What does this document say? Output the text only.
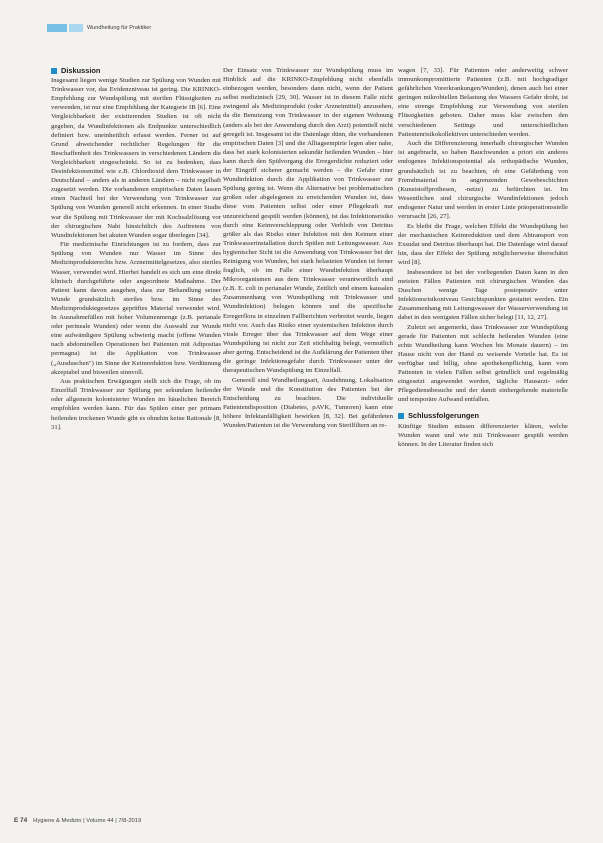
Wundheilung für Praktiker
Diskussion

Insgesamt liegen wenige Studien zur Spülung von Wunden mit Trinkwasser vor, das Evidenzniveau ist gering. Die KRINKO-Empfehlung zur Wundspülung mit sterilen Flüssigkeiten zu verwenden, ist nur eine Empfehlung der Kategorie IB [6]. Eine Vergleichbarkeit der existierenden Studien ist oft nicht gegeben, da Wundinfektionen als Endpunkte unterschiedlich definiert bzw. uneinheitlich erfasst werden. Ferner ist auf Grund abweichender rechtlicher Regelungen für die Beschaffenheit des Trinkwassers in verschiedenen Ländern die Vergleichbarkeit eingeschränkt. So ist zu bedenken, dass Desinfektionsmittel wie z.B. Chlordioxid dem Trinkwasser in Deutschland – anders als in anderen Ländern – nicht regelhaft zugesetzt werden. Die vorhandenen empirischen Daten lassen einen Nachteil bei der Verwendung von Trinkwasser zur Spülung von Wunden generell nicht erkennen. In einer Studie war die Spülung mit Trinkwasser der mit Kochsalzlösung vor der chirurgischen Naht hinsichtlich des Auftretens von Wundinfektionen bei akuten Wunden sogar überlegen [34].

Für medizinische Einrichtungen ist zu fordern, dass zur Spülung von Wunden nur Wasser im Sinne des Medizinprodukterechts bzw. Arzneimittelgesetzes, also steriles Wasser, verwendet wird. Hierbei handelt es sich um eine direkt klinisch durchgeführte oder angeordnete Maßnahme. Der Patient kann davon ausgehen, dass zur Behandlung seiner Wunde grundsätzlich steriles bzw. im Sinne des Medizinproduktegesetzes geprüftes Material verwendet wird. In Ausnahmefällen mit hoher Volumenmenge (z.B. perianale oder perineale Wunden) oder wenn die Auswahl zur Wunde eine aufwändigere Spülung schwierig macht (offene Wunden nach abdominellen Operationen bei Patienten mit Adipositas permagna) ist die Applikation von Trinkwasser („Ausduschen") im Sinne der Keimreduktion bzw. Verdünnung akzeptabel und bisweilen sinnvoll.

Aus praktischen Erwägungen stellt sich die Frage, ob im Einzelfall Trinkwasser zur Spülung per sekundam heilender oder allgemein kolonisierter Wunden im häuslichen Bereich empfohlen werden kann. Für das Spülen einer per primam heilenden trockenen Wunde gibt es ohnehin keine Rationale [8, 31].

Der Einsatz von Trinkwasser zur Wundspülung muss im Hinblick auf die KRINKO-Empfehlung nicht ebenfalls einbezogen werden, besonders dann nicht, wenn der Patient selbst medizinisch [29, 30]. Wasser ist in diesem Falle nicht zwingend als Medizinprodukt (oder Arzneimittel) anzusehen, da die Benutzung von Trinkwasser in der eigenen Wohnung (anders als bei der Anwendung durch den Arzt) potentiell nicht geregelt ist. Insgesamt ist die Datenlage dünn, die vorhandenen empirischen Daten [3] und die Alltagsempirie legen aber nahe, dass bei stark kolonisierten sekundär heilenden Wunden – hier kann durch den Spülvorgang die Erregerdichte reduziert oder der Eingriff sicherer gemacht werden – die Gefahr einer Wundinfektion durch die Applikation von Trinkwasser zur Spülung gering ist. Wenn die Alternative bei problematischen großen oder abgelegenen zu erreichenden Wunden ist, dass diese vom Patienten selbst oder einer Pflegekraft nur unzureichend gespült werden (können), ist das Infektionsrisiko durch eine Keimverschleppung oder Verbleib von Detritus größer als das Risiko einer Infektion mit den Keimen einer Trinkwasserinstallation durch Spülen mit Leitungswasser. Aus hygienischer Sicht ist die Anwendung von Trinkwasser bei der Reinigung von Wunden, bei stark belasteten Wunden ist ferner fraglich, ob im Falle einer Wundinfektion überhaupt Mikroorganismen aus dem Trinkwasser verantwortlich sind (z.B. E. coli in perianaler Wunde, Zeitlich und einem kausalen Zusammenhang von Wundspülung mit Trinkwasser und Wundinfektion) belegen können und die spezifische Erregerflora in einzelnen Fallberichten verbreitet wurde, liegen nicht vor. Auch das Risiko einer systemischen Infektion durch virale Erreger über das Trinkwasser auf dem Wege einer Wundspülung ist nicht zur Zeit stichhaltig belegt, vermutlich aber gering. Entscheidend ist die Aufklärung der Patienten über die geringe Infektionsgefahr durch Trinkwasser unter der therapeutischen Wundspülung im Einzelfall.

Generell sind Wundheilungsart, Ausdehnung, Lokalisation der Wunde und die Konstitution des Patienten bei der Entscheidung zu beachten. Die individuelle Patientendisposition (Diabetes, pAVK, Tumoren) kann eine höhere Infektanfälligkeit bewirken [8, 32]. Bei gefährdeten Wunden/Patienten ist die Verwendung von Sterilfiltern an re-

wagen [7, 33]. Für Patienten oder anderweitig schwer immunkompromittierte Patienten (z.B. mit hochgradiger gefährlichen Vorerkrankungen/Wunden), denen auch bei einer geringen mikrobiellen Belastung des Wassers Gefahr droht, ist eine strenge Empfehlung zur Verwendung von sterilen Flüssigkeiten geboten. Daher muss klar zwischen den verschiedenen Settings und unterschiedlichen Patientenrisikokollektiven unterschieden werden.

Auch die Differenzierung innerhalb chirurgischer Wunden ist angebracht, so haben Bauchwunden a priori ein anderes endogenes Infektionspotential als orthopädische Wunden, grundsätzlich ist zu beachten, ob eine Gefährdung von Fremdmaterial in angrenzenden Gewebeschichten (Kunststoffprothesen, -netze) zu befürchten ist. Im Wesentlichen sind chirurgische Wundinfektionen jedoch endogener Natur und werden in erster Linie präoperationsstelle verursacht [26, 27].

Es bleibt die Frage, welchen Effekt die Wundspülung bei der mechanischen Keimreduktion und dem Abtransport von Exsudat und Detritus überhaupt hat. Die Datenlage wird darauf hin, dass der Effekt der Spülung möglicherweise überschätzt wird [8].

Insbesondere ist bei der vorliegenden Daten kann in den meisten Fällen Patienten mit chirurgischen Wunden das Duschen wenige Tage postoperativ unter Infektionsrisikoniveau Gesichtspunkten gestattet werden. Ein Zusammenhang mit Leitungswasser der Wasserverwendung ist dabei in den wenigsten Fällen sicher belegt [11, 12, 27].

Zuletzt sei angemerkt, dass Trinkwasser zur Wundspülung gerade für Patienten mit schlecht heilenden Wunden (eine echte Wundheilung kann Wochen bis Monate dauern) – im Hause nicht von der Hand zu weisende Vorteile hat. Es ist verfügbar und billig, ohne apothekenpflichtig, kann vom Patienten in vielen Fällen selbst gründlich und regelmäßig eingesetzt angewendet werden, tägliche Hausarzt- oder Pflegedienstbesuche und der damit einhergehende materielle und temporäre Aufwand entfallen.

Schlussfolgerungen

Künftige Studien müssen differenzierter klären, welche Wunden wann und wie mit Trinkwasser gespült werden können. In der Literatur finden sich

E 74 Hygiene & Medizin | Volume 44 | 7/8-2019
